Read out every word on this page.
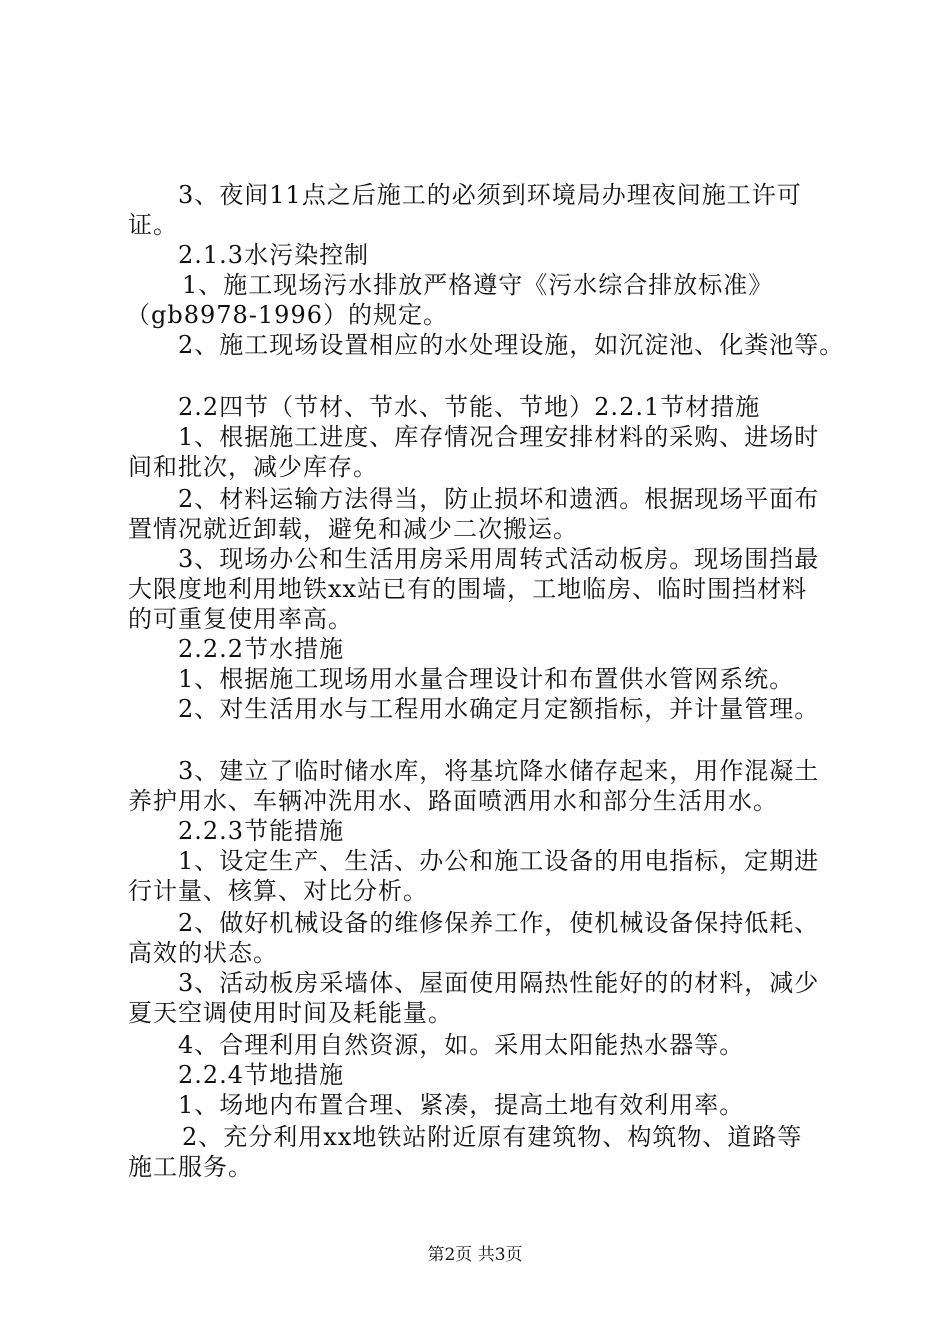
3、夜间11点之后施工的必须到环境局办理夜间施工许可
证。
2.1.3水污染控制
1、施工现场污水排放严格遵守《污水综合排放标准》
（gb8978-1996）的规定。
2、施工现场设置相应的水处理设施，如沉淀池、化粪池等。
2.2四节（节材、节水、节能、节地）2.2.1节材措施
1、根据施工进度、库存情况合理安排材料的采购、进场时
间和批次，减少库存。
2、材料运输方法得当，防止损坏和遗洒。根据现场平面布
置情况就近卸载，避免和减少二次搬运。
3、现场办公和生活用房采用周转式活动板房。现场围挡最
大限度地利用地铁xx站已有的围墙，工地临房、临时围挡材料
的可重复使用率高。
2.2.2节水措施
1、根据施工现场用水量合理设计和布置供水管网系统。
2、对生活用水与工程用水确定月定额指标，并计量管理。
3、建立了临时储水库，将基坑降水储存起来，用作混凝土
养护用水、车辆冲洗用水、路面喷洒用水和部分生活用水。
2.2.3节能措施
1、设定生产、生活、办公和施工设备的用电指标，定期进
行计量、核算、对比分析。
2、做好机械设备的维修保养工作，使机械设备保持低耗、
高效的状态。
3、活动板房采墙体、屋面使用隔热性能好的的材料，减少
夏天空调使用时间及耗能量。
4、合理利用自然资源，如。采用太阳能热水器等。
2.2.4节地措施
1、场地内布置合理、紧凑，提高土地有效利用率。
2、充分利用xx地铁站附近原有建筑物、构筑物、道路等
施工服务。
第2页 共3页
